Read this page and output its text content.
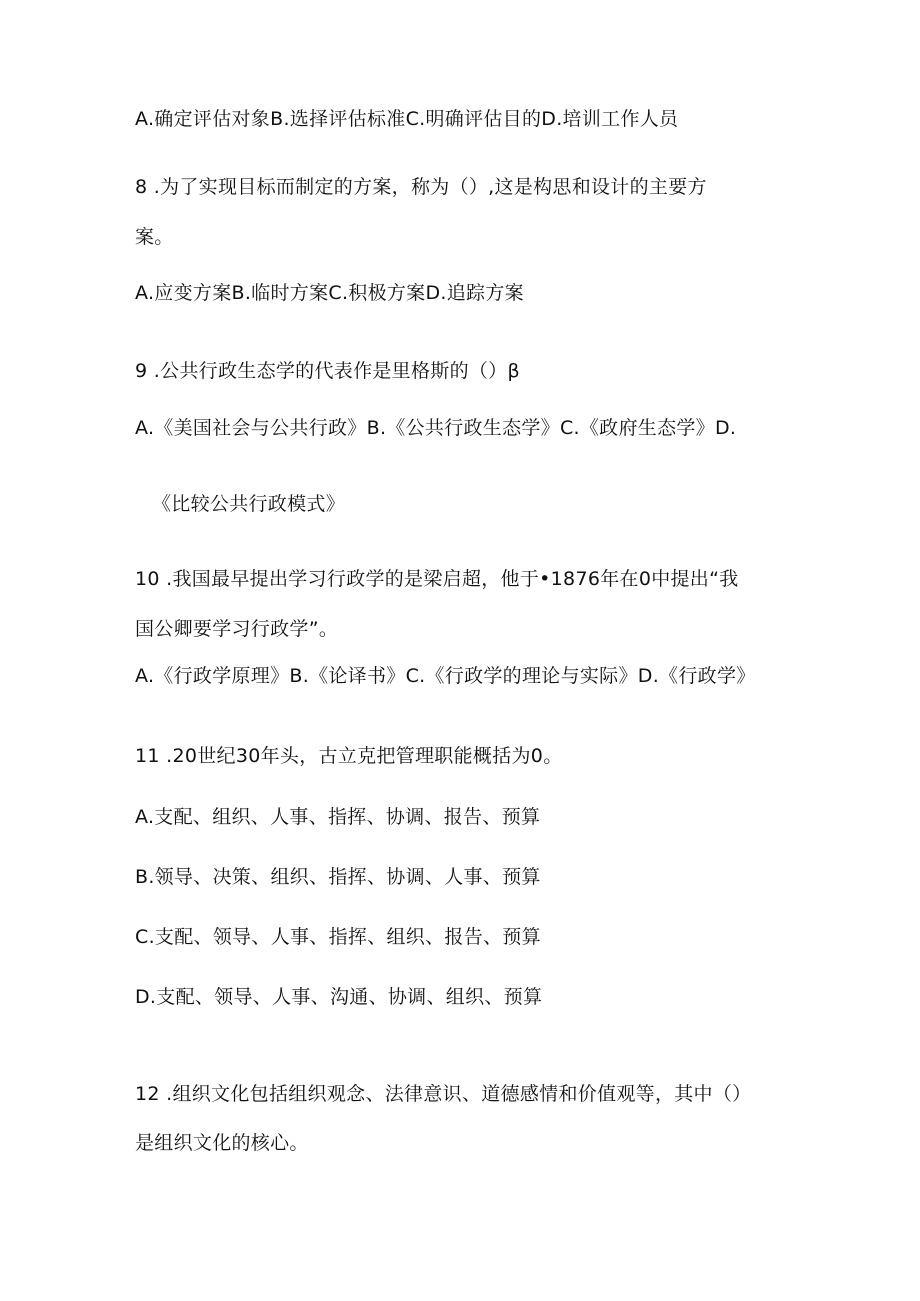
A.确定评估对象B.选择评估标准C.明确评估目的D.培训工作人员
8 .为了实现目标而制定的方案，称为（）,这是构思和设计的主要方
案。
A.应变方案B.临时方案C.积极方案D.追踪方案
9 .公共行政生态学的代表作是里格斯的（）β
A.《美国社会与公共行政》B.《公共行政生态学》C.《政府生态学》D.
《比较公共行政模式》
10 .我国最早提出学习行政学的是梁启超，他于•1876年在0中提出“我
国公卿要学习行政学”。
A.《行政学原理》B.《论译书》C.《行政学的理论与实际》D.《行政学》
11 .20世纪30年头，古立克把管理职能概括为0。
A.支配、组织、人事、指挥、协调、报告、预算
B.领导、决策、组织、指挥、协调、人事、预算
C.支配、领导、人事、指挥、组织、报告、预算
D.支配、领导、人事、沟通、协调、组织、预算
12 .组织文化包括组织观念、法律意识、道德感情和价值观等，其中（）
是组织文化的核心。
